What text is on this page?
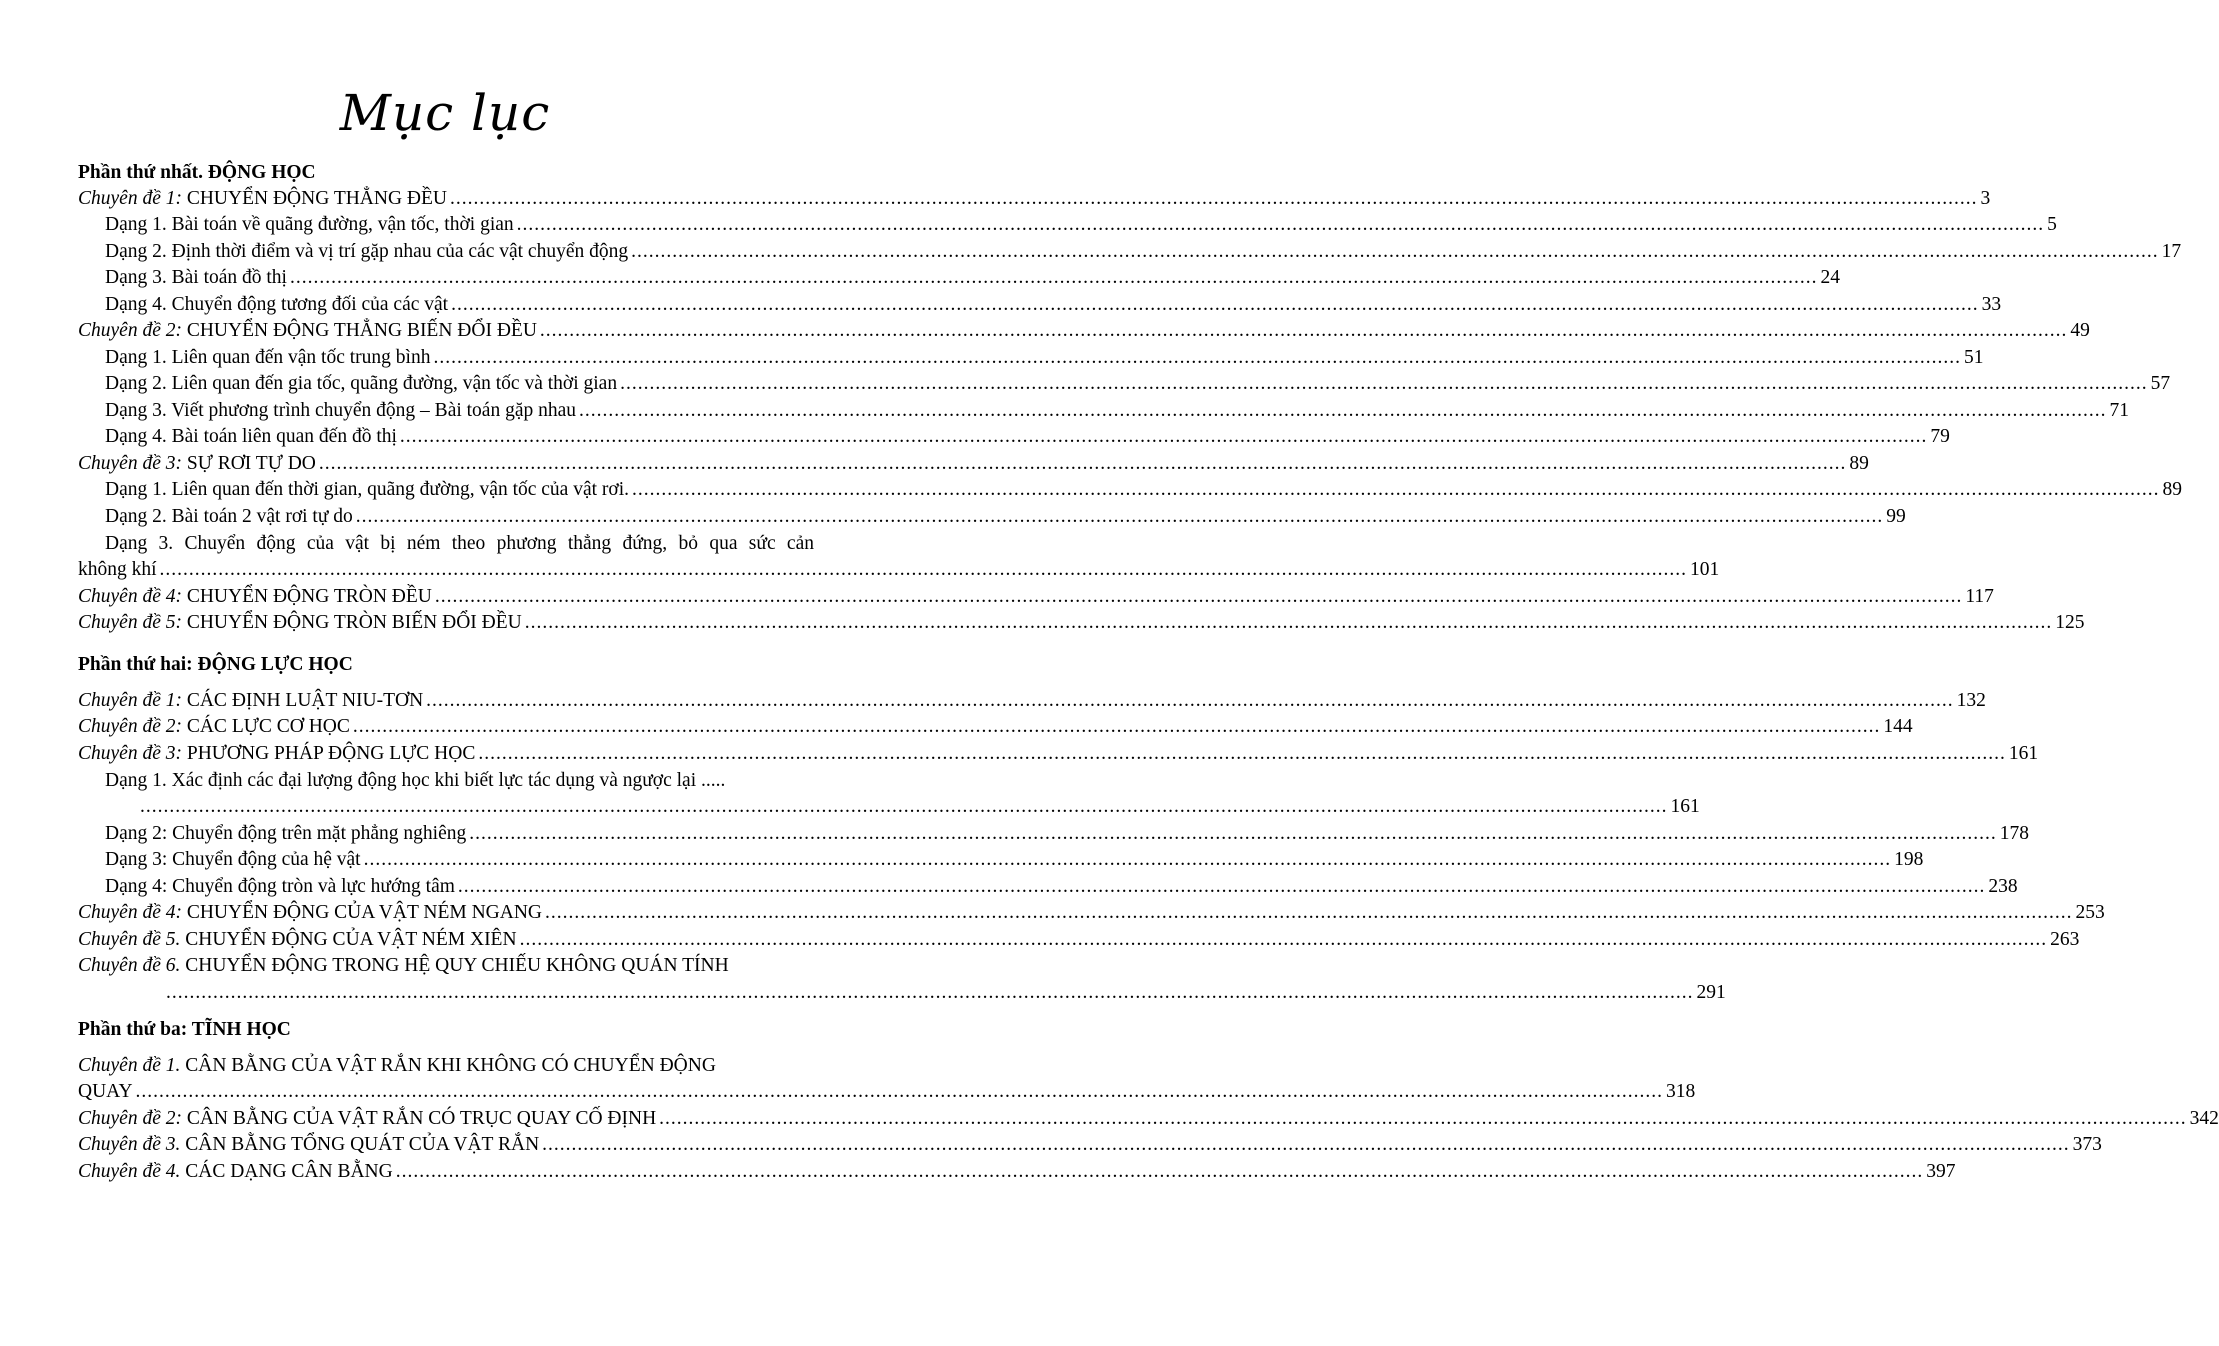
Mục lục
Phần thứ nhất. ĐỘNG HỌC
Phần thứ hai: ĐỘNG LỰC HỌC
Phần thứ ba: TĨNH HỌC
Chuyên đề 1: CHUYỂN ĐỘNG THẲNG ĐỀU .................................................................................................................................................................................................................................................................... 3
Dạng 1. Bài toán về quãng đường, vận tốc, thời gian .................................................................................................................................................................................................................................................................... 5
Dạng 2. Định thời điểm và vị trí gặp nhau của các vật chuyển động .................................................................................................................................................................................................................................................................... 17
Dạng 3. Bài toán đồ thị .................................................................................................................................................................................................................................................................... 24
Dạng 4. Chuyển động tương đối của các vật .................................................................................................................................................................................................................................................................... 33
Chuyên đề 2: CHUYỂN ĐỘNG THẲNG BIẾN ĐỔI ĐỀU .................................................................................................................................................................................................................................................................... 49
Dạng 1. Liên quan đến vận tốc trung bình .................................................................................................................................................................................................................................................................... 51
Dạng 2. Liên quan đến gia tốc, quãng đường, vận tốc và thời gian .................................................................................................................................................................................................................................................................... 57
Dạng 3. Viết phương trình chuyển động – Bài toán gặp nhau .................................................................................................................................................................................................................................................................... 71
Dạng 4. Bài toán liên quan đến đồ thị .................................................................................................................................................................................................................................................................... 79
Chuyên đề 3: SỰ RƠI TỰ DO .................................................................................................................................................................................................................................................................... 89
Dạng 1. Liên quan đến thời gian, quãng đường, vận tốc của vật rơi. .................................................................................................................................................................................................................................................................... 89
Dạng 2. Bài toán 2 vật rơi tự do .................................................................................................................................................................................................................................................................... 99
Dạng 3. Chuyển động của vật bị ném theo phương thẳng đứng, bỏ qua sức cản
không khí .................................................................................................................................................................................................................................................................... 101
Chuyên đề 4: CHUYỂN ĐỘNG TRÒN ĐỀU .................................................................................................................................................................................................................................................................... 117
Chuyên đề 5: CHUYỂN ĐỘNG TRÒN BIẾN ĐỔI ĐỀU .................................................................................................................................................................................................................................................................... 125
Chuyên đề 1: CÁC ĐỊNH LUẬT NIU-TƠN .................................................................................................................................................................................................................................................................... 132
Chuyên đề 2: CÁC LỰC CƠ HỌC .................................................................................................................................................................................................................................................................... 144
Chuyên đề 3: PHƯƠNG PHÁP ĐỘNG LỰC HỌC .................................................................................................................................................................................................................................................................... 161
Dạng 1. Xác định các đại lượng động học khi biết lực tác dụng và ngược lại .....
.................................................................................................................................................................................................................................................................... 161
Dạng 2: Chuyển động trên mặt phẳng nghiêng .................................................................................................................................................................................................................................................................... 178
Dạng 3: Chuyển động của hệ vật .................................................................................................................................................................................................................................................................... 198
Dạng 4: Chuyển động tròn và lực hướng tâm .................................................................................................................................................................................................................................................................... 238
Chuyên đề 4: CHUYỂN ĐỘNG CỦA VẬT NÉM NGANG .................................................................................................................................................................................................................................................................... 253
Chuyên đề 5. CHUYỂN ĐỘNG CỦA VẬT NÉM XIÊN .................................................................................................................................................................................................................................................................... 263
Chuyên đề 6. CHUYỂN ĐỘNG TRONG HỆ QUY CHIẾU KHÔNG QUÁN TÍNH
.................................................................................................................................................................................................................................................................... 291
Chuyên đề 1. CÂN BẰNG CỦA VẬT RẮN KHI KHÔNG CÓ CHUYỂN ĐỘNG
QUAY .................................................................................................................................................................................................................................................................... 318
Chuyên đề 2: CÂN BẰNG CỦA VẬT RẮN CÓ TRỤC QUAY CỐ ĐỊNH .................................................................................................................................................................................................................................................................... 342
Chuyên đề 3. CÂN BẰNG TỔNG QUÁT CỦA VẬT RẮN .................................................................................................................................................................................................................................................................... 373
Chuyên đề 4. CÁC DẠNG CÂN BẰNG .................................................................................................................................................................................................................................................................... 397
